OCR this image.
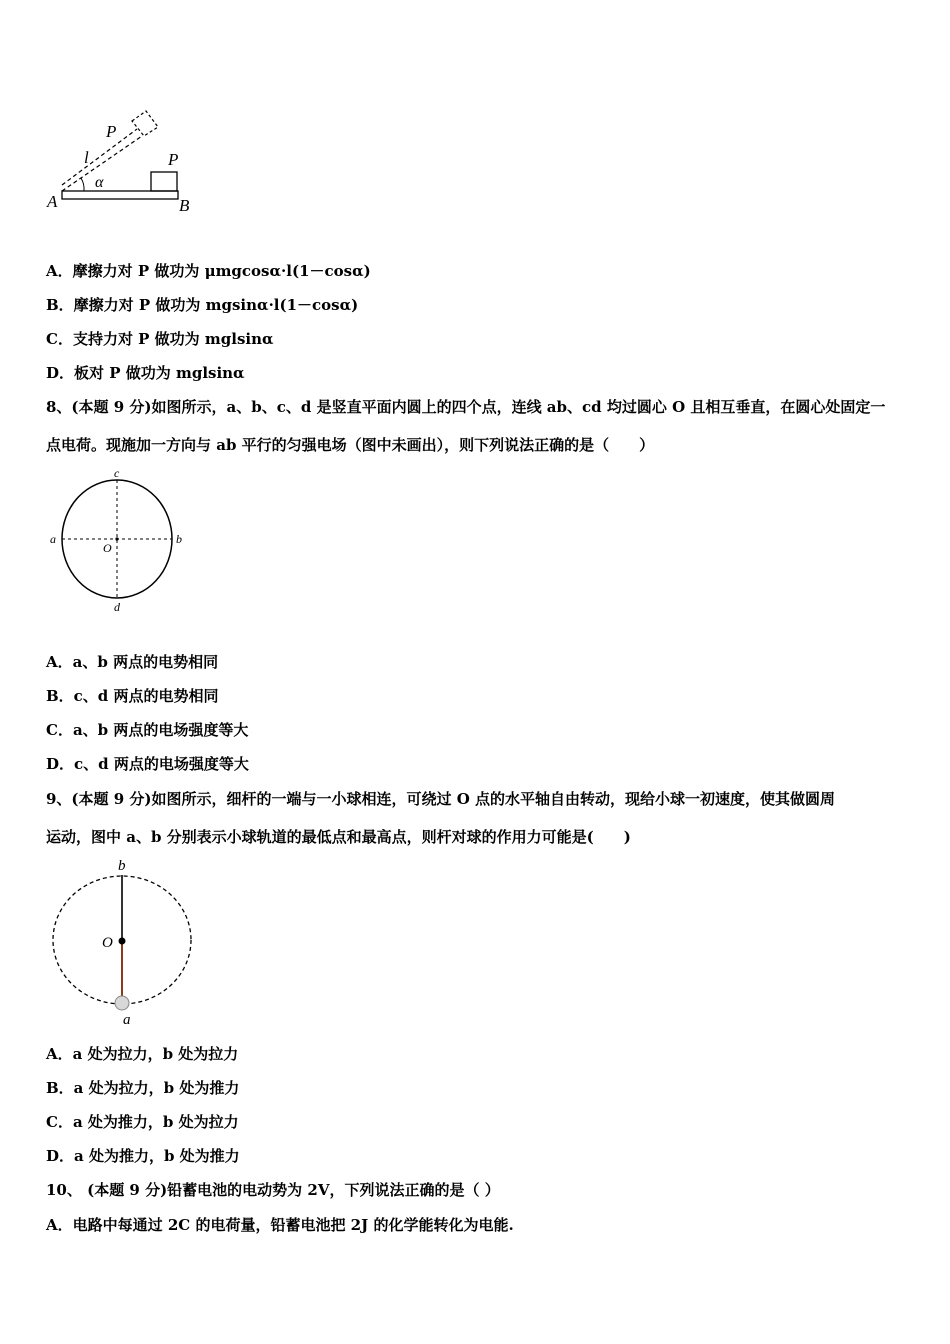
P
l	P
α
A	B
A．摩擦力对 P 做功为 μmgcosα·l(1－cosα)
B．摩擦力对 P 做功为 mgsinα·l(1－cosα)
C．支持力对 P 做功为 mglsinα
D．板对 P 做功为 mglsinα
8、(本题 9 分)如图所示，a、b、c、d 是竖直平面内圆上的四个点，连线 ab、cd 均过圆心 O 且相互垂直，在圆心处固定一
点电荷。现施加一方向与 ab 平行的匀强电场（图中未画出），则下列说法正确的是（　　）
a	b
c
d
O
A．a、b 两点的电势相同
B．c、d 两点的电势相同
C．a、b 两点的电场强度等大
D．c、d 两点的电场强度等大
9、(本题 9 分)如图所示，细杆的一端与一小球相连，可绕过 O 点的水平轴自由转动，现给小球一初速度，使其做圆周
运动，图中 a、b 分别表示小球轨道的最低点和最高点，则杆对球的作用力可能是(　　)
b
O
a
A．a 处为拉力，b 处为拉力
B．a 处为拉力，b 处为推力
C．a 处为推力，b 处为拉力
D．a 处为推力，b 处为推力
10、 (本题 9 分)铅蓄电池的电动势为 2V，下列说法正确的是（ ）
A．电路中每通过 2C 的电荷量，铅蓄电池把 2J 的化学能转化为电能.
